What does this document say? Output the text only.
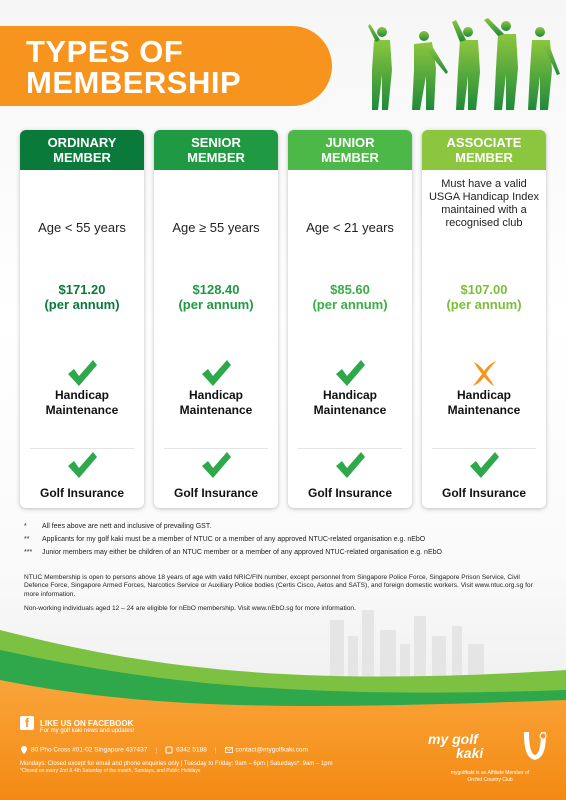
TYPES OF
MEMBERSHIP
ORDINARY
MEMBER
Age < 55 years
$171.20
(per annum)
Handicap
Maintenance
Golf Insurance
SENIOR
MEMBER
Age ≥ 55 years
$128.40
(per annum)
Handicap
Maintenance
Golf Insurance
JUNIOR
MEMBER
Age < 21 years
$85.60
(per annum)
Handicap
Maintenance
Golf Insurance
ASSOCIATE
MEMBER
Must have a valid
USGA Handicap Index
maintained with a
recognised club
$107.00
(per annum)
Handicap
Maintenance
Golf Insurance
*	All fees above are nett and inclusive of prevailing GST.
**	Applicants for my golf kaki must be a member of NTUC or a member of any approved NTUC-related organisation e.g. nEbO
***	Junior members may either be children of an NTUC member or a member of any approved NTUC-related organisation e.g. nEbO

NTUC Membership is open to persons above 18 years of age with valid NRIC/FIN number, except personnel from Singapore Police Force, Singapore Prison Service, Civil Defence Force, Singapore Armed Forces, Narcotics Service or Auxiliary Police bodies (Certis Cisco, Aetos and SATS), and foreign domestic workers. Visit www.ntuc.org.sg for more information.

Non-working individuals aged 12 – 24 are eligible for nEbO membership. Visit www.nEbO.sg for more information.

f	LIKE US ON FACEBOOK
For my golf kaki news and updates!
80 Pho Cross #01-02 Singapore 437437 |	6342 5188 |	contact@mygolfkaki.com
Mondays: Closed except for email and phone enquiries only | Tuesday to Friday: 9am – 6pm | Saturdays*: 9am – 1pm
*Closed on every 2nd & 4th Saturday of the month, Sundays, and Public Holidays
my golf
kaki
mygolfkaki is an Affiliate Member of
Orchid Country Club
